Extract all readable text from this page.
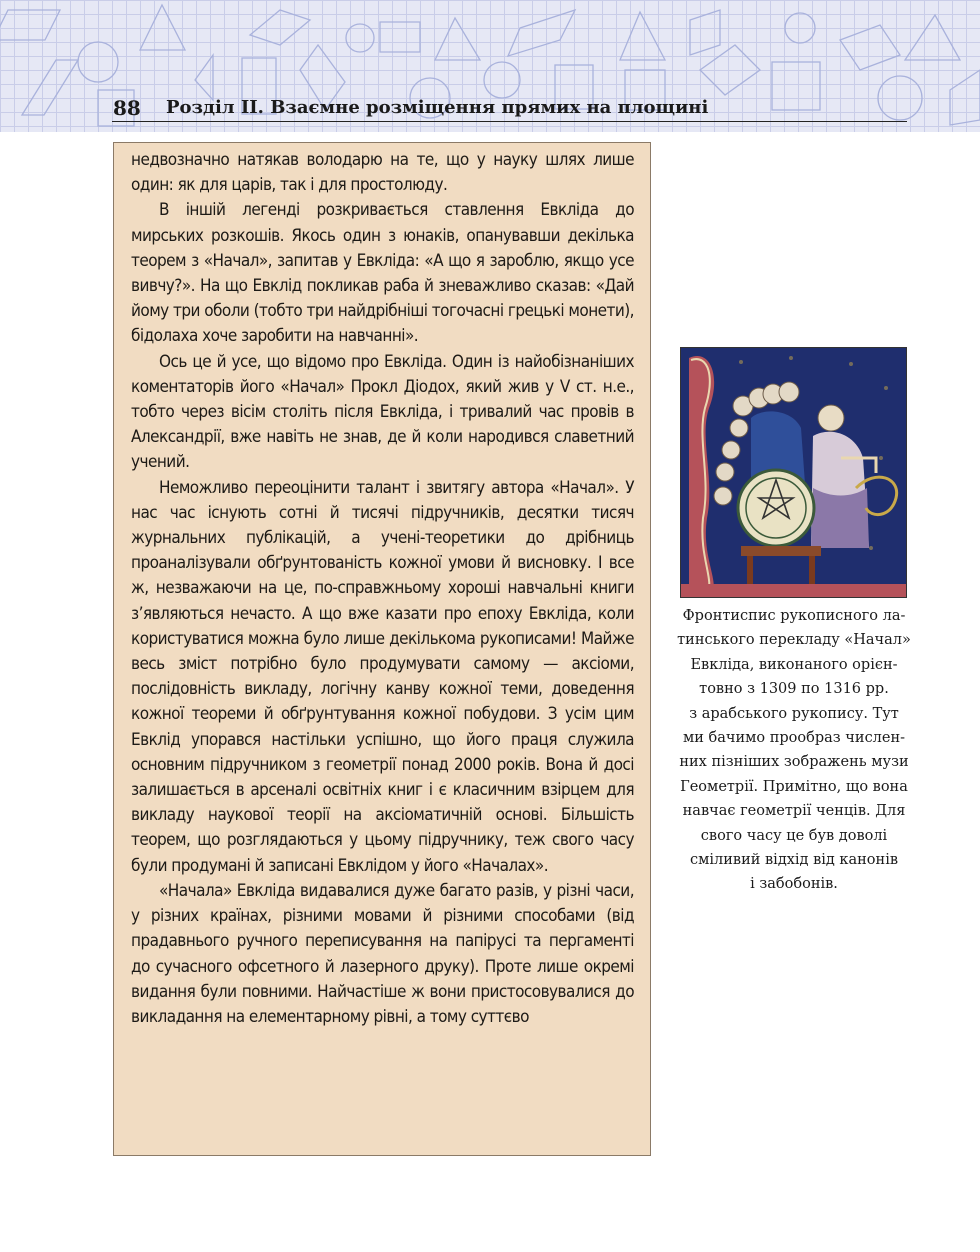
88 Розділ ІІ. Взаємне розміщення прямих на площині

недвозначно натякав володарю на те, що у науку шлях лише один: як для царів, так і для простолюду.

В іншій легенді розкривається ставлення Евкліда до мирських розкошів. Якось один з юнаків, опанувавши декілька теорем з «Начал», запитав у Евкліда: «А що я зароблю, якщо усе вивчу?». На що Евклід покликав раба й зневажливо сказав: «Дай йому три оболи (тобто три найдрібніші тогочасні грецькі монети), бідолаха хоче заробити на навчанні».

Ось це й усе, що відомо про Евкліда. Один із найобізнаніших коментаторів його «Начал» Прокл Діодох, який жив у V ст. н.е., тобто через вісім століть після Евкліда, і тривалий час провів в Александрії, вже навіть не знав, де й коли народився славетний учений.

Неможливо переоцінити талант і звитягу автора «Начал». У нас час існують сотні й тисячі підручників, десятки тисяч журнальних публікацій, а учені-теоретики до дрібниць проаналізували обґрунтованість кожної умови й висновку. І все ж, незважаючи на це, по-справжньому хороші навчальні книги з’являються нечасто. А що вже казати про епоху Евкліда, коли користуватися можна було лише декількома рукописами! Майже весь зміст потрібно було продумувати самому — аксіоми, послідовність викладу, логічну канву кожної теми, доведення кожної теореми й обґрунтування кожної побудови. З усім цим Евклід упорався настільки успішно, що його праця служила основним підручником з геометрії понад 2000 років. Вона й досі залишається в арсеналі освітніх книг і є класичним взірцем для викладу наукової теорії на аксіоматичній основі. Більшість теорем, що розглядаються у цьому підручнику, теж свого часу були продумані й записані Евклідом у його «Началах».

«Начала» Евкліда видавалися дуже багато разів, у різні часи, у різних країнах, різними мовами й різними способами (від прадавнього ручного переписування на папірусі та пергаменті до сучасного офсетного й лазерного друку). Проте лише окремі видання були повними. Найчастіше ж вони пристосовувалися до викладання на елементарному рівні, а тому суттєво

Фронтиспис рукописного ла-
тинського перекладу «Начал»
Евкліда, виконаного орієн-
товно з 1309 по 1316 рр.
з арабського рукопису. Тут
ми бачимо прообраз числен-
них пізніших зображень музи
Геометрії. Примітно, що вона
навчає геометрії ченців. Для
свого часу це був доволі
сміливий відхід від канонів
і забобонів.
